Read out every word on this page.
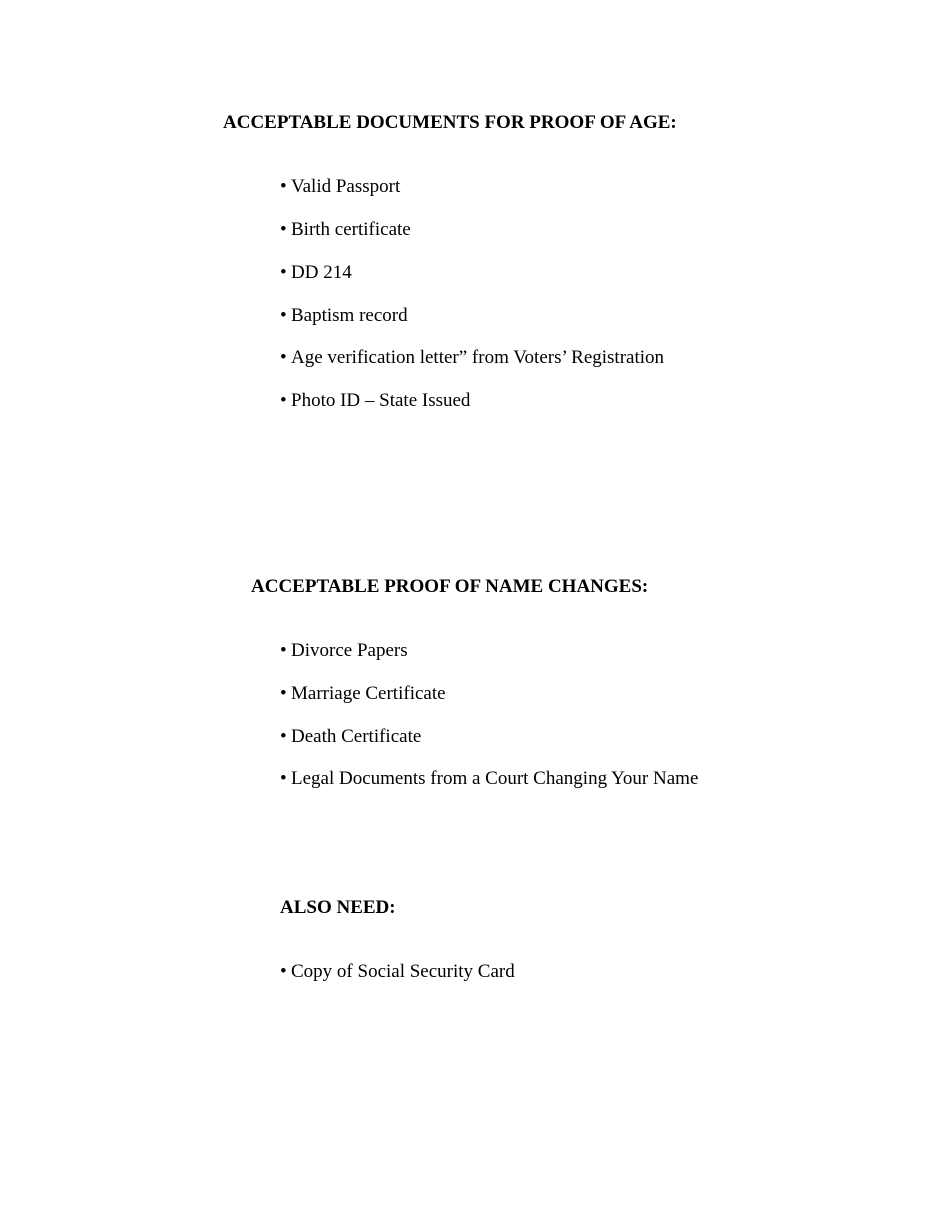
ACCEPTABLE DOCUMENTS FOR PROOF OF AGE:

• Valid Passport

• Birth certificate

• DD 214

• Baptism record

• Age verification letter” from Voters’ Registration

• Photo ID – State Issued

ACCEPTABLE PROOF OF NAME CHANGES:

• Divorce Papers

• Marriage Certificate

• Death Certificate

• Legal Documents from a Court Changing Your Name

ALSO NEED:

• Copy of Social Security Card
